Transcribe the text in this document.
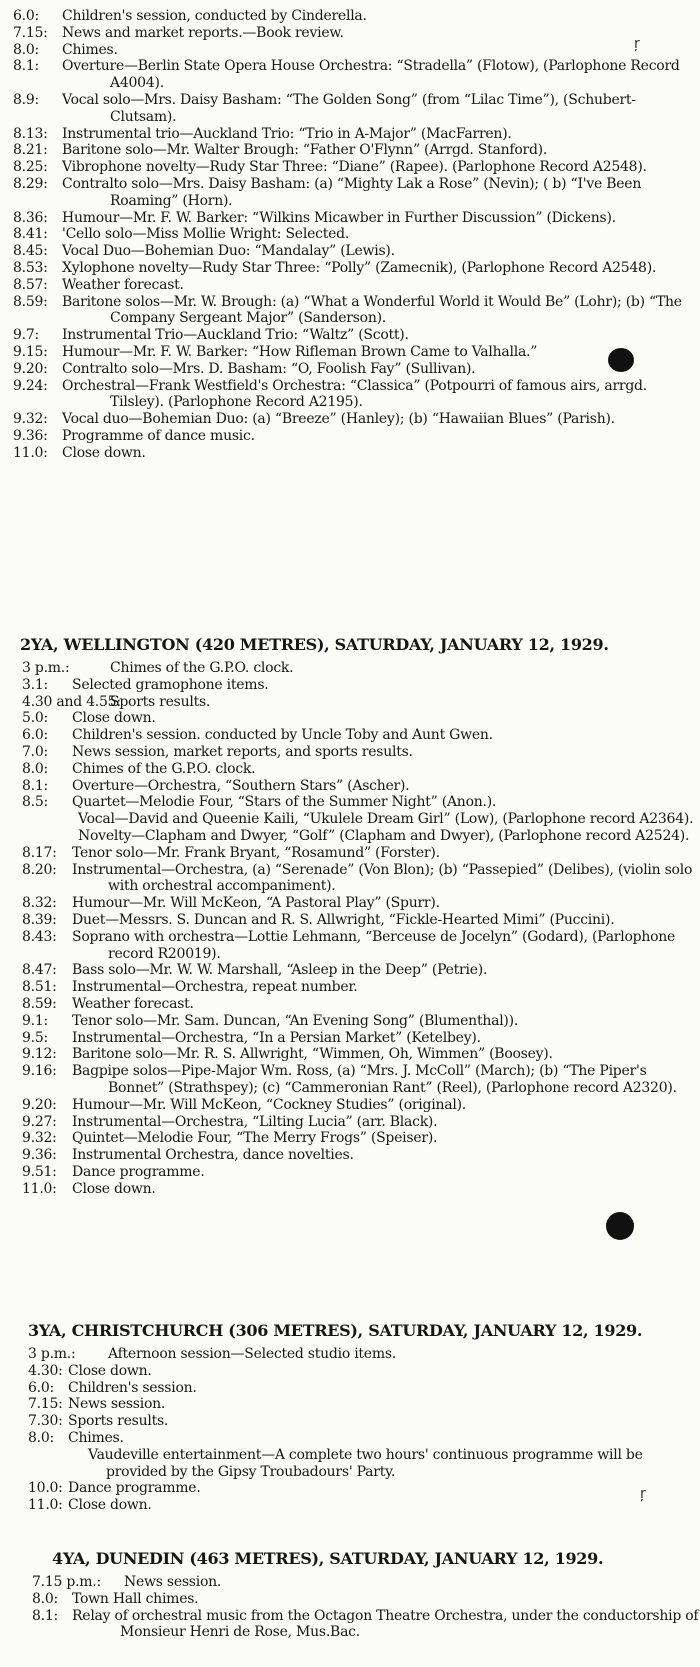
ŗ
ŗ
6.0: Children's session, conducted by Cinderella.
7.15: News and market reports.—Book review.
8.0: Chimes.
8.1: Overture—Berlin State Opera House Orchestra: “Stradella” (Flotow), (Parlophone Record A4004).
8.9: Vocal solo—Mrs. Daisy Basham: “The Golden Song” (from “Lilac Time”), (Schubert-Clutsam).
8.13: Instrumental trio—Auckland Trio: “Trio in A-Major” (MacFarren).
8.21: Baritone solo—Mr. Walter Brough: “Father O'Flynn” (Arrgd. Stanford).
8.25: Vibrophone novelty—Rudy Star Three: “Diane” (Rapee). (Parlophone Record A2548).
8.29: Contralto solo—Mrs. Daisy Basham: (a) “Mighty Lak a Rose” (Nevin); ( b) “I've Been Roaming” (Horn).
8.36: Humour—Mr. F. W. Barker: “Wilkins Micawber in Further Discussion” (Dickens).
8.41: 'Cello solo—Miss Mollie Wright: Selected.
8.45: Vocal Duo—Bohemian Duo: “Mandalay” (Lewis).
8.53: Xylophone novelty—Rudy Star Three: “Polly” (Zamecnik), (Parlophone Record A2548).
8.57: Weather forecast.
8.59: Baritone solos—Mr. W. Brough: (a) “What a Wonderful World it Would Be” (Lohr); (b) “The Company Sergeant Major” (Sanderson).
9.7: Instrumental Trio—Auckland Trio: “Waltz” (Scott).
9.15: Humour—Mr. F. W. Barker: “How Rifleman Brown Came to Valhalla.”
9.20: Contralto solo—Mrs. D. Basham: “O, Foolish Fay” (Sullivan).
9.24: Orchestral—Frank Westfield's Orchestra: “Classica” (Potpourri of famous airs, arrgd. Tilsley). (Parlophone Record A2195).
9.32: Vocal duo—Bohemian Duo: (a) “Breeze” (Hanley); (b) “Hawaiian Blues” (Parish).
9.36: Programme of dance music.
11.0: Close down.
2YA, WELLINGTON (420 METRES), SATURDAY, JANUARY 12, 1929.
3 p.m.:	Chimes of the G.P.O. clock.
3.1: Selected gramophone items.
4.30 and 4.55:
Sports results.
5.0: Close down.
6.0: Children's session. conducted by Uncle Toby and Aunt Gwen.
7.0: News session, market reports, and sports results.
8.0: Chimes of the G.P.O. clock.
8.1: Overture—Orchestra, “Southern Stars” (Ascher).
8.5: Quartet—Melodie Four, “Stars of the Summer Night” (Anon.).
Vocal—David and Queenie Kaili, “Ukulele Dream Girl” (Low), (Parlophone record A2364).
Novelty—Clapham and Dwyer, “Golf” (Clapham and Dwyer), (Parlophone record A2524).
8.17: Tenor solo—Mr. Frank Bryant, “Rosamund” (Forster).
8.20: Instrumental—Orchestra, (a) “Serenade” (Von Blon); (b) “Passepied” (Delibes), (violin solo with orchestral accompaniment).
8.32: Humour—Mr. Will McKeon, “A Pastoral Play” (Spurr).
8.39: Duet—Messrs. S. Duncan and R. S. Allwright, “Fickle-Hearted Mimi” (Puccini).
8.43: Soprano with orchestra—Lottie Lehmann, “Berceuse de Jocelyn” (Godard), (Parlophone record R20019).
8.47: Bass solo—Mr. W. W. Marshall, “Asleep in the Deep” (Petrie).
8.51: Instrumental—Orchestra, repeat number.
8.59: Weather forecast.
9.1: Tenor solo—Mr. Sam. Duncan, “An Evening Song” (Blumenthal)).
9.5: Instrumental—Orchestra, “In a Persian Market” (Ketelbey).
9.12: Baritone solo—Mr. R. S. Allwright, “Wimmen, Oh, Wimmen” (Boosey).
9.16: Bagpipe solos—Pipe-Major Wm. Ross, (a) “Mrs. J. McColl” (March); (b) “The Piper's Bonnet” (Strathspey); (c) “Cammeronian Rant” (Reel), (Parlophone record A2320).
9.20: Humour—Mr. Will McKeon, “Cockney Studies” (original).
9.27: Instrumental—Orchestra, “Lilting Lucia” (arr. Black).
9.32: Quintet—Melodie Four, “The Merry Frogs” (Speiser).
9.36: Instrumental Orchestra, dance novelties.
9.51: Dance programme.
11.0: Close down.
3YA, CHRISTCHURCH (306 METRES), SATURDAY, JANUARY 12, 1929.
3 p.m.: Afternoon session—Selected studio items.
4.30: Close down.
6.0: Children's session.
7.15: News session.
7.30: Sports results.
8.0: Chimes.
Vaudeville entertainment—A complete two hours' continuous programme will be provided by the Gipsy Troubadours' Party.
10.0: Dance programme.
11.0: Close down.
4YA, DUNEDIN (463 METRES), SATURDAY, JANUARY 12, 1929.
7.15 p.m.: News session.
8.0: Town Hall chimes.
8.1: Relay of orchestral music from the Octagon Theatre Orchestra, under the conductorship of Monsieur Henri de Rose, Mus.Bac.
